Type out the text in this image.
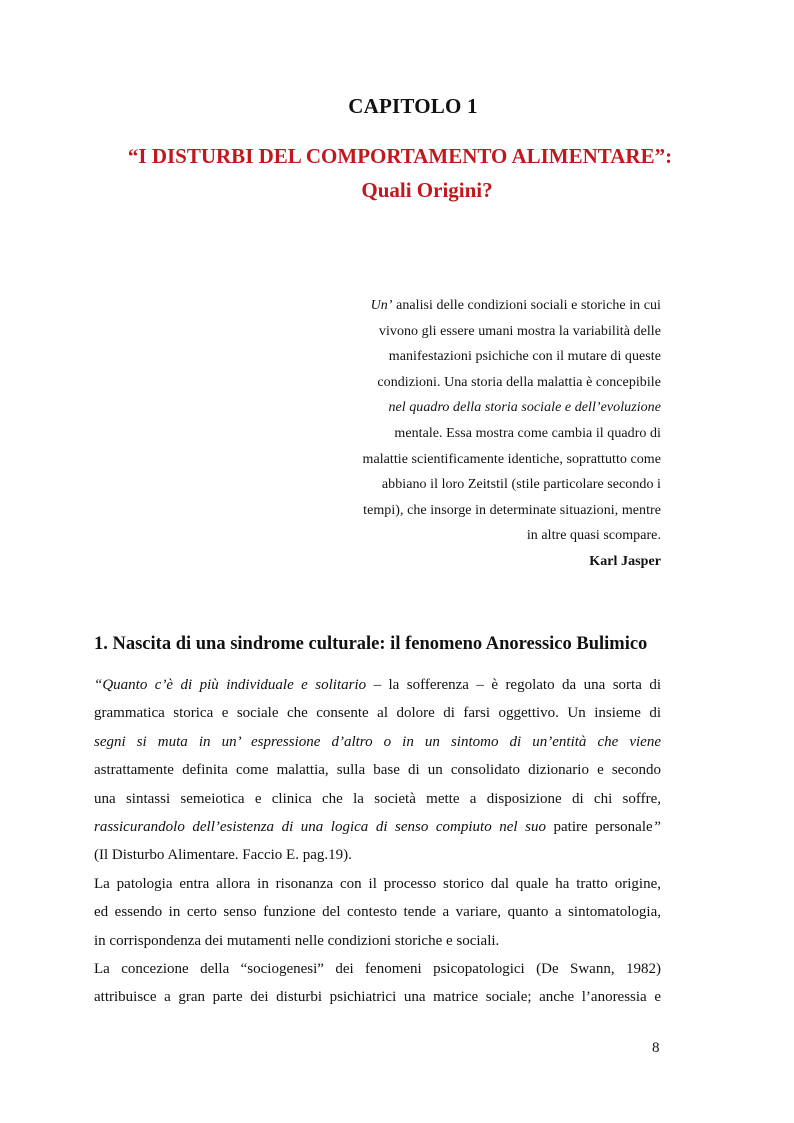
CAPITOLO 1
“I DISTURBI DEL COMPORTAMENTO ALIMENTARE”:
Quali Origini?
Un’ analisi delle condizioni sociali e storiche in cui
vivono gli essere umani mostra la variabilità delle
manifestazioni psichiche con il mutare di queste
condizioni. Una storia della malattia è concepibile
nel quadro della storia sociale e dell’evoluzione
mentale. Essa mostra come cambia il quadro di
malattie scientificamente identiche, soprattutto come
abbiano il loro Zeitstil (stile particolare secondo i
tempi), che insorge in determinate situazioni, mentre
in altre quasi scompare.
Karl Jasper
1. Nascita di una sindrome culturale: il fenomeno Anoressico Bulimico
“Quanto c’è di più individuale e solitario – la sofferenza – è regolato da una sorta di
grammatica storica e sociale che consente al dolore di farsi oggettivo. Un insieme di
segni si muta in un’ espressione d’altro o in un sintomo di un’entità che viene
astrattamente definita come malattia, sulla base di un consolidato dizionario e secondo
una sintassi semeiotica e clinica che la società mette a disposizione di chi soffre,
rassicurandolo dell’esistenza di una logica di senso compiuto nel suo patire personale”
(Il Disturbo Alimentare. Faccio E. pag.19).
La patologia entra allora in risonanza con il processo storico dal quale ha tratto origine,
ed essendo in certo senso funzione del contesto tende a variare, quanto a sintomatologia,
in corrispondenza dei mutamenti nelle condizioni storiche e sociali.
La concezione della “sociogenesi” dei fenomeni psicopatologici (De Swann, 1982)
attribuisce a gran parte dei disturbi psichiatrici una matrice sociale; anche l’anoressia e
8
